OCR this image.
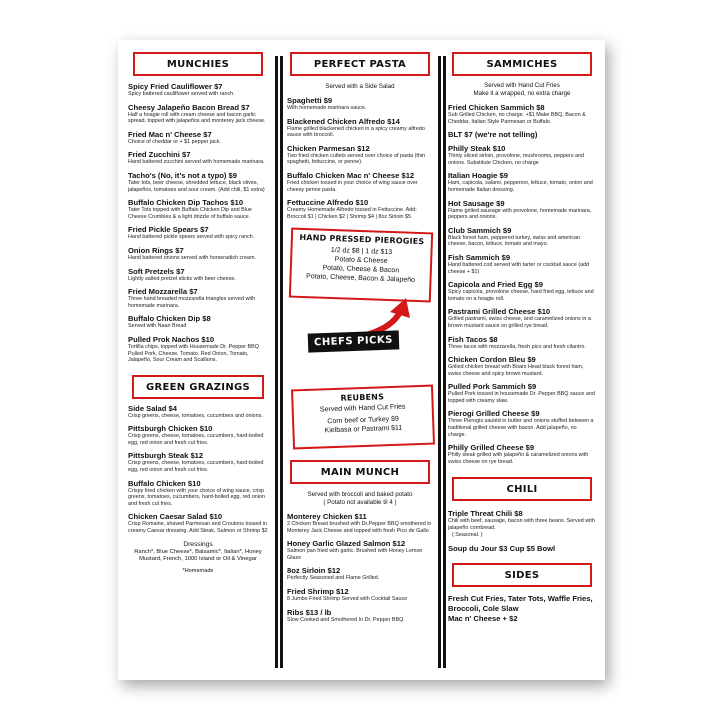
MUNCHIES
Spicy Fried Cauliflower $7
Spicy battered cauliflower served with ranch.
Cheesy Jalapeño Bacon Bread $7
Half a hoagie roll with cream cheese and bacon garlic spread, topped with jalapeños and monterey jack cheese.
Fried Mac n' Cheese $7
Choice of cheddar or + $1 pepper jack.
Fried Zucchini $7
Hand battered zucchini served with homemade marinara.
Tacho's (No, it's not a typo) $9
Tater tots, beer cheese, shredded lettuce, black olives, jalapeños, tomatoes and sour cream. (Add chili, $1 extra)
Buffalo Chicken Dip Tachos $10
Tater Tots topped with Buffalo Chicken Dip and Blue Cheese Crumbles & a light drizzle of buffalo sauce.
Fried Pickle Spears $7
Hand battered pickle spears served with spicy ranch.
Onion Rings $7
Hand battered onions served with horseradish cream.
Soft Pretzels $7
Lightly salted pretzel sticks with beer cheese.
Fried Mozzarella $7
Three hand breaded mozzarella triangles served with homemade marinara.
Buffalo Chicken Dip $8
Served with Naan Bread
Pulled Prok Nachos $10
Tortilla chips, topped with Housemade Dr. Pepper BBQ Pulled Pork, Cheese, Tomato, Red Onion, Tomato, Jalapeño, Sour Cream and Scallions.
GREEN GRAZINGS
Side Salad $4
Crisp greens, cheese, tomatoes, cucumbers and onions.
Pittsburgh Chicken $10
Crisp greens, cheese, tomatoes, cucumbers, hard-boiled egg, red onion and fresh cut fries.
Pittsburgh Steak $12
Crisp greens, cheese, tomatoes, cucumbers, hard-boiled egg, red onion and fresh cut fries.
Buffalo Chicken $10
Crispy fried chicken with your choice of wing sauce, crisp greens, tomatoes, cucumbers, hard-boiled egg, red onion and fresh cut fries.
Chicken Caesar Salad $10
Crisp Romaine, shaved Parmesan and Croutons tossed in creamy Caesar dressing. Add Steak, Salmon or Shrimp $2
Dressings
Ranch*, Blue Cheese*, Balsamic*, Italian*, Honey Mustard, French, 1000 Island or Oil & Vinegar
*Homemade
PERFECT PASTA
Served with a Side Salad
Spaghetti $9
With homemade marinara sauce.
Blackened Chicken Alfredo $14
Flame grilled blackened chicken in a spicy creamy alfredo sauce with broccoli.
Chicken Parmesan $12
Two fried chicken cutlets served over choice of pasta (thin spaghetti, fettuccine, or penne).
Buffalo Chicken Mac n' Cheese $12
Fried chicken tossed in your choice of wing sauce over cheesy penne pasta.
Fettuccine Alfredo $10
Creamy Homemade Alfredo tossed in Fettuccine. Add: Broccoli $1 | Chicken $2 | Shrimp $4 | 8oz Sirloin $5
HAND PRESSED PIEROGIES
1/2 dz $8 | 1 dz $13
Potato & Cheese
Potato, Cheese & Bacon
Potato, Cheese, Bacon & Jalapeño
CHEFS PICKS
REUBENS
Served with Hand Cut Fries
Corn beef or Turkey $9
Kielbasa or Pastrami $11
MAIN MUNCH
Served with broccoli and baked potato
( Potato not available til 4 )
Monterey Chicken $11
2 Chicken Breast brushed with Dr.Pepper BBQ smothered in Monterey Jack Cheese and topped with fresh Pico de Gallo
Honey Garlic Glazed Salmon $12
Salmon pan fried with garlic. Brushed with Honey Lemon Glaze
8oz Sirloin $12
Perfectly Seasoned and Flame Grilled.
Fried Shrimp $12
8 Jumbo Fried Shrimp Served with Cocktail Sauce
Ribs $13 / lb
Slow Cooked and Smothered In Dr. Pepper BBQ.
SAMMICHES
Served with Hand Cut Fries
Make it a wrapped, no extra charge
Fried Chicken Sammich $8
Sub Grilled Chicken, no charge. +$1 Make BBQ, Bacon & Cheddar, Italian Style Parmesan or Buffalo.
BLT $7 (we're not telling)
Philly Steak $10
Thinly sliced sirloin, provolone, mushrooms, peppers and onions. Substitute Chicken, no charge
Italian Hoagie $9
Ham, capicola, salami, pepperoni, lettuce, tomato, onion and homemade Italian dressing.
Hot Sausage $9
Flame grilled sausage with provolone, homemade marinara, peppers and onions.
Club Sammich $9
Black forest ham, peppered turkey, swiss and american cheese, bacon, lettuce, tomato and mayo.
Fish Sammich $9
Hand battered cod served with tarter or cocktail sauce (add cheese + $1)
Capicola and Fried Egg $9
Spicy capicola, provolone cheese, hard fried egg, lettuce and tomato on a hoagie roll.
Pastrami Grilled Cheese $10
Grilled pastrami, swiss cheese, and caramelized onions in a brown mustard sauce on grilled rye bread.
Fish Tacos $8
Three tacos with mozzarella, fresh pico and fresh cilantro.
Chicken Cordon Bleu $9
Grilled chicken breast with Boars Head black forest ham, swiss cheese and spicy brown mustard.
Pulled Pork Sammich $9
Pulled Pork tossed in housemade Dr. Pepper BBQ sauce and topped with creamy slaw.
Pierogi Grilled Cheese $9
Three Pierogis sautéd in butter and onions stuffed between a traditional grilled cheese with bacon. Add jalapeño, no charge.
Philly Grilled Cheese $9
Philly steak grilled with jalapeño & caramelized onions with swiss cheese on rye bread.
CHILI
Triple Threat Chili $8
Chili with beef, sausage, bacon with three beans. Served with jalapeño cornbread.
( Seasonal. )
Soup du Jour $3 Cup $5 Bowl
SIDES
Fresh Cut Fries, Tater Tots, Waffle Fries, Broccoli, Cole Slaw
Mac n' Cheese + $2
